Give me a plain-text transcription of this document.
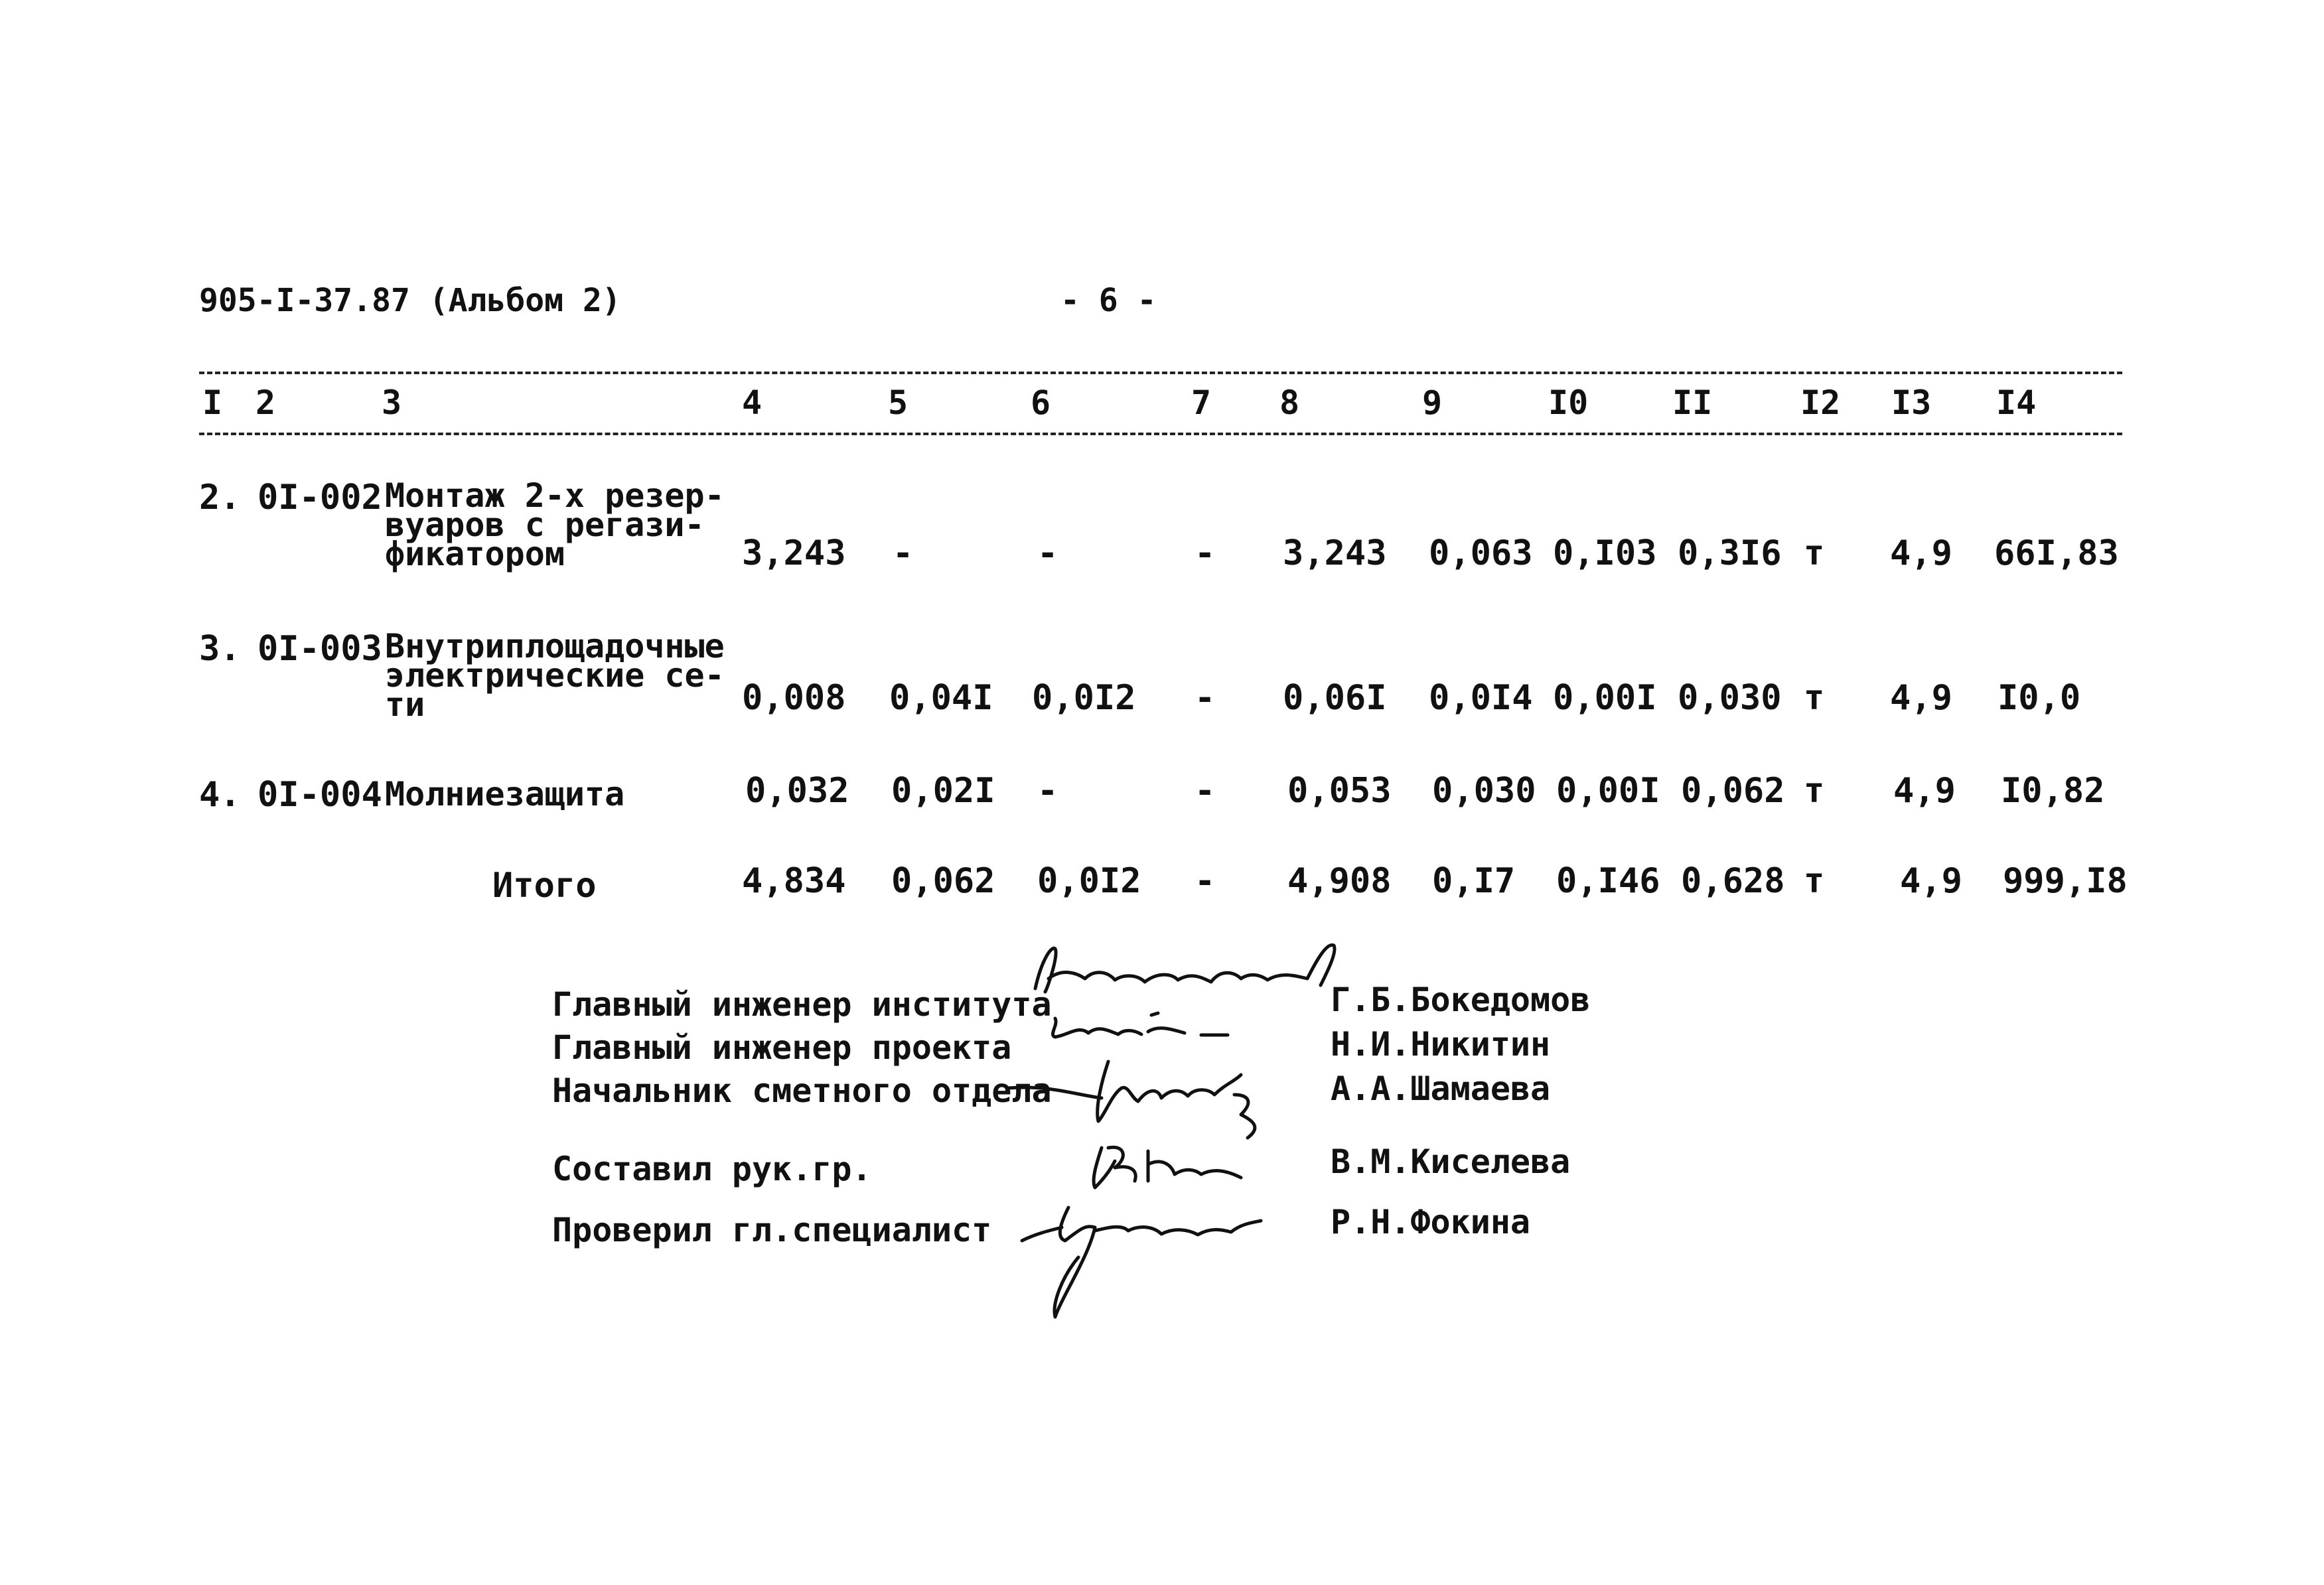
905-I-37.87 (Альбом 2)	- 6 -
I 2	3	4	5	6	7 8	9	I0	II	I2 I3 I4
2. 0I-002 Монтаж 2-х резер-
вуаров с регази-
фикатором	3,243 -	-	- 3,243 0,063 0,I03 0,3I6 т 4,9 66I,83
3. 0I-003 Внутриплощадочные
электрические се-
ти	0,008 0,04I 0,0I2 - 0,06I 0,0I4 0,00I 0,030 т 4,9 I0,0
4. 0I-004 Молниезащита	0,032 0,02I -	- 0,053 0,030 0,00I 0,062 т 4,9 I0,82
Итого	4,834 0,062 0,0I2 - 4,908 0,I7 0,I46 0,628 т 4,9 999,I8
Главный инженер института	Г.Б.Бокедомов
Главный инженер проекта	Н.И.Никитин
Начальник сметного отдела	А.А.Шамаева
Составил рук.гр.	В.М.Киселева
Проверил гл.специалист	Р.Н.Фокина
